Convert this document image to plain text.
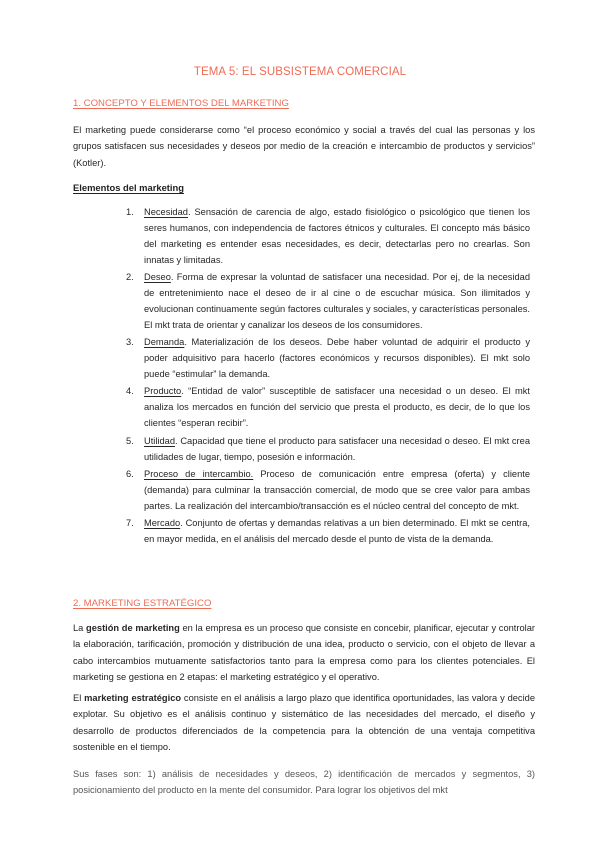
TEMA 5: EL SUBSISTEMA COMERCIAL
1. CONCEPTO Y ELEMENTOS DEL MARKETING
El marketing puede considerarse como “el proceso económico y social a través del cual las personas y los grupos satisfacen sus necesidades y deseos por medio de la creación e intercambio de productos y servicios” (Kotler).
Elementos del marketing
1. Necesidad. Sensación de carencia de algo, estado fisiológico o psicológico que tienen los seres humanos, con independencia de factores étnicos y culturales. El concepto más básico del marketing es entender esas necesidades, es decir, detectarlas pero no crearlas. Son innatas y limitadas.
2. Deseo. Forma de expresar la voluntad de satisfacer una necesidad. Por ej, de la necesidad de entretenimiento nace el deseo de ir al cine o de escuchar música. Son ilimitados y evolucionan continuamente según factores culturales y sociales, y características personales. El mkt trata de orientar y canalizar los deseos de los consumidores.
3. Demanda. Materialización de los deseos. Debe haber voluntad de adquirir el producto y poder adquisitivo para hacerlo (factores económicos y recursos disponibles). El mkt solo puede “estimular” la demanda.
4. Producto. “Entidad de valor” susceptible de satisfacer una necesidad o un deseo. El mkt analiza los mercados en función del servicio que presta el producto, es decir, de lo que los clientes “esperan recibir”.
5. Utilidad. Capacidad que tiene el producto para satisfacer una necesidad o deseo. El mkt crea utilidades de lugar, tiempo, posesión e información.
6. Proceso de intercambio. Proceso de comunicación entre empresa (oferta) y cliente (demanda) para culminar la transacción comercial, de modo que se cree valor para ambas partes. La realización del intercambio/transacción es el núcleo central del concepto de mkt.
7. Mercado. Conjunto de ofertas y demandas relativas a un bien determinado. El mkt se centra, en mayor medida, en el análisis del mercado desde el punto de vista de la demanda.
2. MARKETING ESTRATÉGICO
La gestión de marketing en la empresa es un proceso que consiste en concebir, planificar, ejecutar y controlar la elaboración, tarificación, promoción y distribución de una idea, producto o servicio, con el objeto de llevar a cabo intercambios mutuamente satisfactorios tanto para la empresa como para los clientes potenciales. El marketing se gestiona en 2 etapas: el marketing estratégico y el operativo.
El marketing estratégico consiste en el análisis a largo plazo que identifica oportunidades, las valora y decide explotar. Su objetivo es el análisis continuo y sistemático de las necesidades del mercado, el diseño y desarrollo de productos diferenciados de la competencia para la obtención de una ventaja competitiva sostenible en el tiempo.
Sus fases son: 1) análisis de necesidades y deseos, 2) identificación de mercados y segmentos, 3) posicionamiento del producto en la mente del consumidor. Para lograr los objetivos del mkt
